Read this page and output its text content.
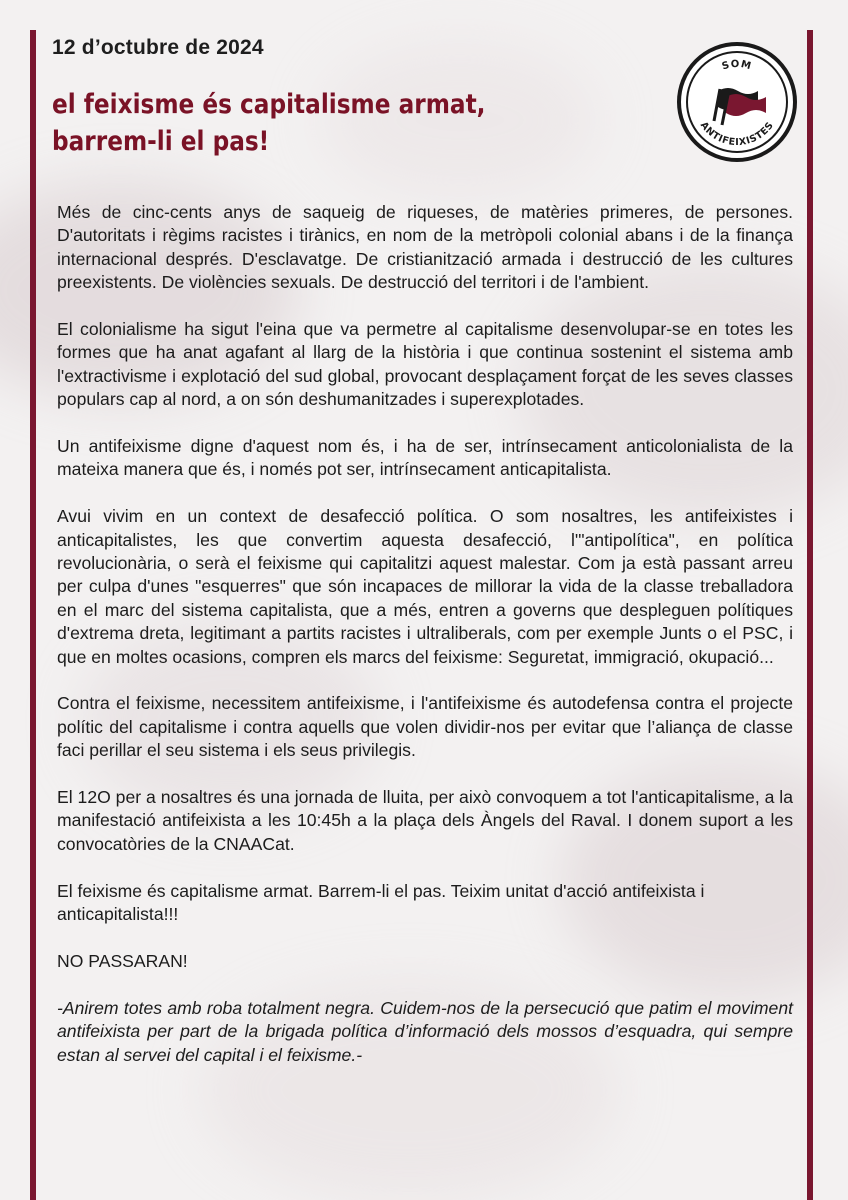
12 d’octubre de 2024
el feixisme és capitalisme armat,
barrem-li el pas!
SOM
ANTIFEIXISTES

Més de cinc-cents anys de saqueig de riqueses, de matèries primeres, de persones. D'autoritats i règims racistes i tirànics, en nom de la metròpoli colonial abans i de la finança internacional després. D'esclavatge. De cristianització armada i destrucció de les cultures preexistents. De violències sexuals. De destrucció del territori i de l'ambient.

El colonialisme ha sigut l'eina que va permetre al capitalisme desenvolupar-se en totes les formes que ha anat agafant al llarg de la història i que continua sostenint el sistema amb l'extractivisme i explotació del sud global, provocant desplaçament forçat de les seves classes populars cap al nord, a on són deshumanitzades i superexplotades.

Un antifeixisme digne d'aquest nom és, i ha de ser, intrínsecament anticolonialista de la mateixa manera que és, i només pot ser, intrínsecament anticapitalista.

Avui vivim en un context de desafecció política. O som nosaltres, les antifeixistes i anticapitalistes, les que convertim aquesta desafecció, l'"antipolítica", en política revolucionària, o serà el feixisme qui capitalitzi aquest malestar. Com ja està passant arreu per culpa d'unes "esquerres" que són incapaces de millorar la vida de la classe treballadora en el marc del sistema capitalista, que a més, entren a governs que despleguen polítiques d'extrema dreta, legitimant a partits racistes i ultraliberals, com per exemple Junts o el PSC, i que en moltes ocasions, compren els marcs del feixisme: Seguretat, immigració, okupació...

Contra el feixisme, necessitem antifeixisme, i l'antifeixisme és autodefensa contra el projecte polític del capitalisme i contra aquells que volen dividir-nos per evitar que l’aliança de classe faci perillar el seu sistema i els seus privilegis.

El 12O per a nosaltres és una jornada de lluita, per això convoquem a tot l'anticapitalisme, a la manifestació antifeixista a les 10:45h a la plaça dels Àngels del Raval. I donem suport a les convocatòries de la CNAACat.

El feixisme és capitalisme armat. Barrem-li el pas. Teixim unitat d'acció antifeixista i anticapitalista!!!

NO PASSARAN!

-Anirem totes amb roba totalment negra. Cuidem-nos de la persecució que patim el moviment antifeixista per part de la brigada política d’informació dels mossos d’esquadra, qui sempre estan al servei del capital i el feixisme.-
